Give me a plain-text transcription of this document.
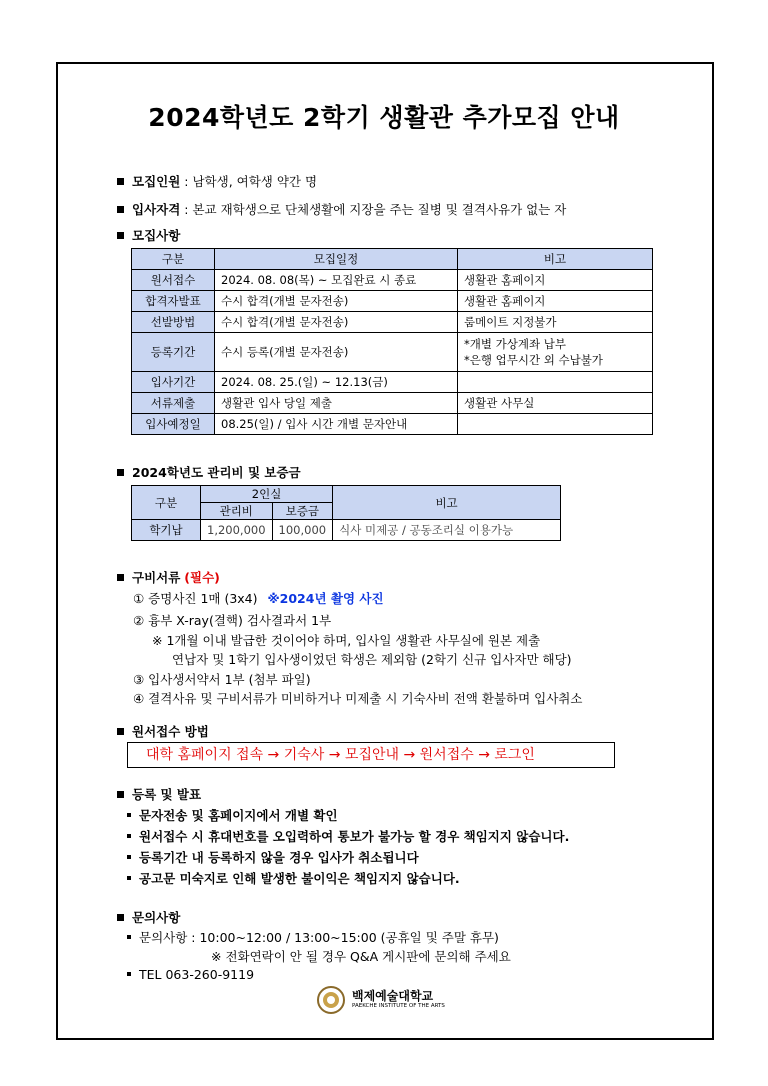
2024학년도 2학기 생활관 추가모집 안내
모집인원 : 남학생, 여학생 약간 명
입사자격 : 본교 재학생으로 단체생활에 지장을 주는 질병 및 결격사유가 없는 자
모집사항
구분	모집일정	비고
원서접수	2024. 08. 08(목) ~ 모집완료 시 종료	생활관 홈페이지
합격자발표	수시 합격(개별 문자전송)	생활관 홈페이지
선발방법	수시 합격(개별 문자전송)	룸메이트 지정불가
등록기간	수시 등록(개별 문자전송)	*개별 가상계좌 납부
*은행 업무시간 외 수납불가

입사기간	2024. 08. 25.(일) ~ 12.13(금)	
서류제출	생활관 입사 당일 제출	생활관 사무실
입사예정일	08.25(일) / 입사 시간 개별 문자안내	
2024학년도 관리비 및 보증금
구분	2인실		비고
	관리비	보증금	
학기납	1,200,000	100,000	식사 미제공 / 공동조리실 이용가능
구비서류 (필수)
① 증명사진 1매 (3x4) ※2024년 촬영 사진
② 흉부 X-ray(결핵) 검사결과서 1부
※ 1개월 이내 발급한 것이어야 하며, 입사일 생활관 사무실에 원본 제출
연납자 및 1학기 입사생이었던 학생은 제외함 (2학기 신규 입사자만 해당)
③ 입사생서약서 1부 (첨부 파일)
④ 결격사유 및 구비서류가 미비하거나 미제출 시 기숙사비 전액 환불하며 입사취소
원서접수 방법
대학 홈페이지 접속 → 기숙사 → 모집안내 → 원서접수 → 로그인
등록 및 발표
문자전송 및 홈페이지에서 개별 확인
원서접수 시 휴대번호를 오입력하여 통보가 불가능 할 경우 책임지지 않습니다.
등록기간 내 등록하지 않을 경우 입사가 취소됩니다
공고문 미숙지로 인해 발생한 불이익은 책임지지 않습니다.
문의사항
문의사항 : 10:00~12:00 / 13:00~15:00 (공휴일 및 주말 휴무)
※ 전화연락이 안 될 경우 Q&A 게시판에 문의해 주세요
TEL 063-260-9119
백제예술대학교
PAEKCHE INSTITUTE OF THE ARTS
